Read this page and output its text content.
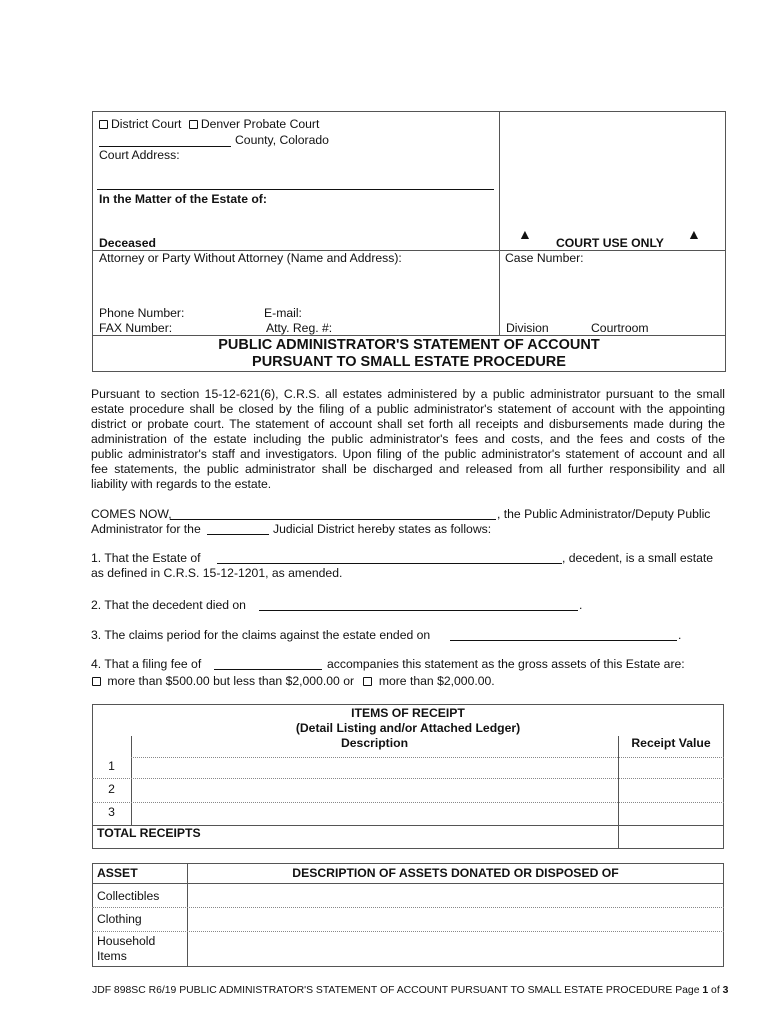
District Court Denver Probate Court
County, Colorado
Court Address:
In the Matter of the Estate of:
Deceased
▲
COURT USE ONLY
▲
Attorney or Party Without Attorney (Name and Address):	Case Number:
Phone Number:	E-mail:
FAX Number:	Atty. Reg. #:	Division	Courtroom
PUBLIC ADMINISTRATOR'S STATEMENT OF ACCOUNT
PURSUANT TO SMALL ESTATE PROCEDURE
Pursuant to section 15-12-621(6), C.R.S. all estates administered by a public administrator pursuant to the small
estate procedure shall be closed by the filing of a public administrator's statement of account with the appointing
district or probate court. The statement of account shall set forth all receipts and disbursements made during the
administration of the estate including the public administrator's fees and costs, and the fees and costs of the
public administrator's staff and investigators. Upon filing of the public administrator's statement of account and all
fee statements, the public administrator shall be discharged and released from all further responsibility and all
liability with regards to the estate.
COMES NOW,	, the Public Administrator/Deputy Public
Administrator for the	Judicial District hereby states as follows:
1. That the Estate of	, decedent, is a small estate
as defined in C.R.S. 15-12-1201, as amended.
2. That the decedent died on	.
3. The claims period for the claims against the estate ended on	.
4. That a filing fee of	accompanies this statement as the gross assets of this Estate are:
more than $500.00 but less than $2,000.00 or more than $2,000.00.
ITEMS OF RECEIPT
(Detail Listing and/or Attached Ledger)
Description	Receipt Value
1
2
3
TOTAL RECEIPTS
ASSET	DESCRIPTION OF ASSETS DONATED OR DISPOSED OF
Collectibles
Clothing
Household
Items
JDF 898SC R6/19 PUBLIC ADMINISTRATOR'S STATEMENT OF ACCOUNT PURSUANT TO SMALL ESTATE PROCEDURE Page 1 of 3
